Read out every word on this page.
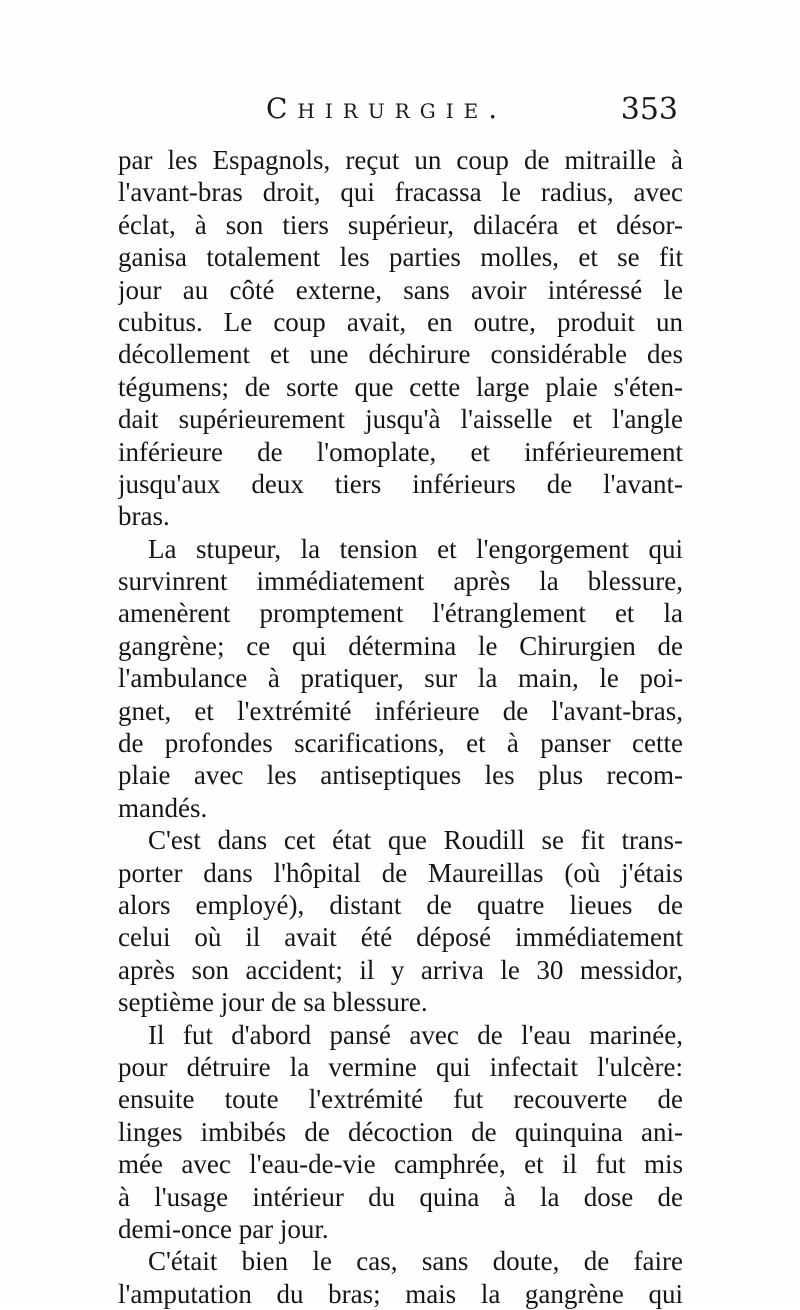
Chirurgie.	353
par les Espagnols, reçut un coup de mitraille à
l'avant-bras droit, qui fracassa le radius, avec
éclat, à son tiers supérieur, dilacéra et désor-
ganisa totalement les parties molles, et se fit
jour au côté externe, sans avoir intéressé le
cubitus. Le coup avait, en outre, produit un
décollement et une déchirure considérable des
tégumens; de sorte que cette large plaie s'éten-
dait supérieurement jusqu'à l'aisselle et l'angle
inférieure de l'omoplate, et inférieurement
jusqu'aux deux tiers inférieurs de l'avant-
bras.
La stupeur, la tension et l'engorgement qui
survinrent immédiatement après la blessure,
amenèrent promptement l'étranglement et la
gangrène; ce qui détermina le Chirurgien de
l'ambulance à pratiquer, sur la main, le poi-
gnet, et l'extrémité inférieure de l'avant-bras,
de profondes scarifications, et à panser cette
plaie avec les antiseptiques les plus recom-
mandés.
C'est dans cet état que Roudill se fit trans-
porter dans l'hôpital de Maureillas (où j'étais
alors employé), distant de quatre lieues de
celui où il avait été déposé immédiatement
après son accident; il y arriva le 30 messidor,
septième jour de sa blessure.
Il fut d'abord pansé avec de l'eau marinée,
pour détruire la vermine qui infectait l'ulcère:
ensuite toute l'extrémité fut recouverte de
linges imbibés de décoction de quinquina ani-
mée avec l'eau-de-vie camphrée, et il fut mis
à l'usage intérieur du quina à la dose de
demi-once par jour.
C'était bien le cas, sans doute, de faire
l'amputation du bras; mais la gangrène qui
